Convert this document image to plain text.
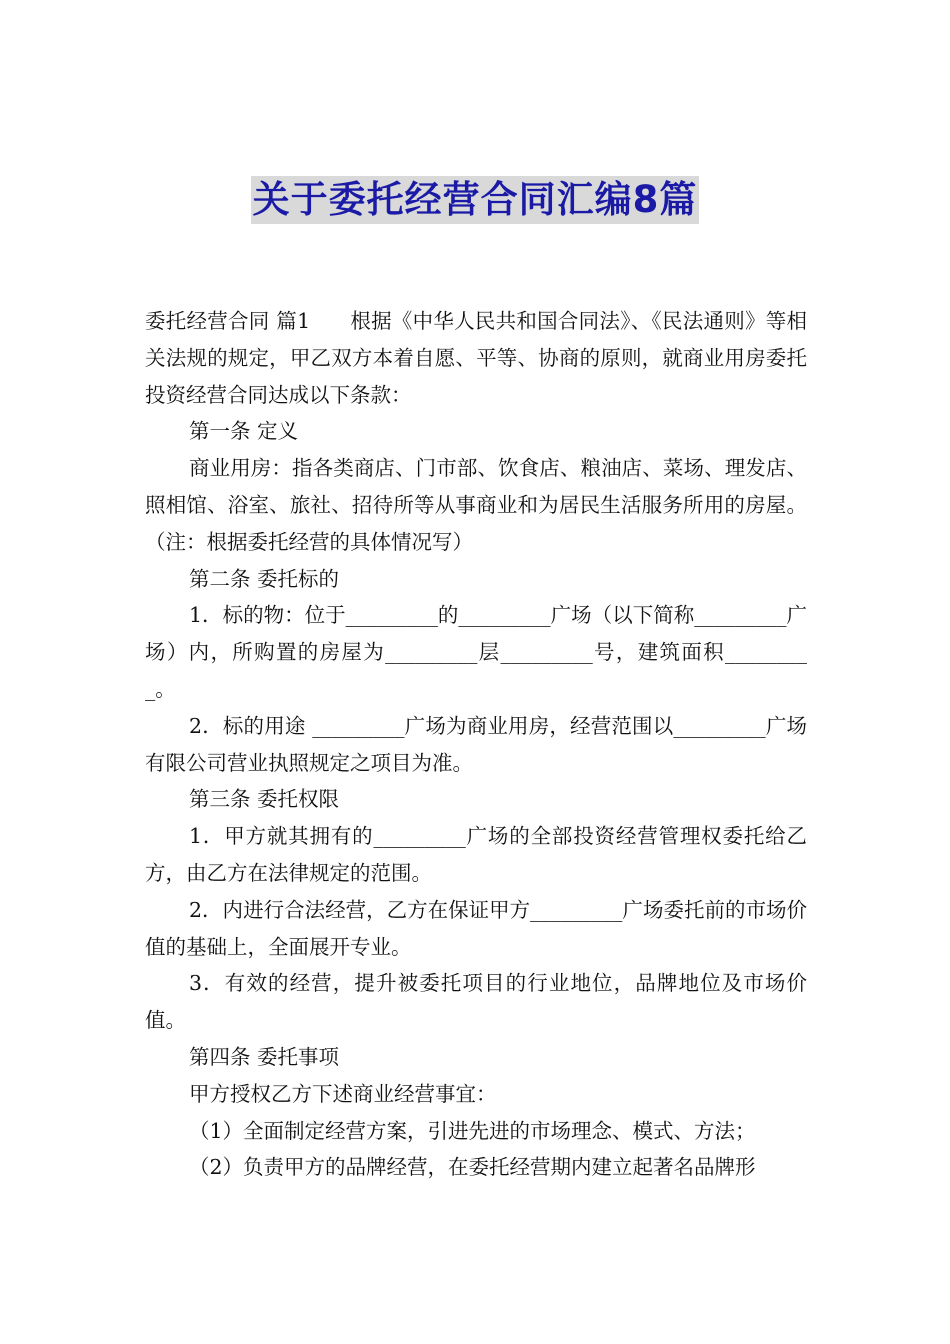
关于委托经营合同汇编8篇

委托经营合同 篇1 根据《中华人民共和国合同法》、《民法通则》等相关法规的规定，甲乙双方本着自愿、平等、协商的原则，就商业用房委托投资经营合同达成以下条款：

第一条 定义

商业用房：指各类商店、门市部、饮食店、粮油店、菜场、理发店、照相馆、浴室、旅社、招待所等从事商业和为居民生活服务所用的房屋。（注：根据委托经营的具体情况写）

第二条 委托标的

1．标的物：位于_________的_________广场（以下简称_________广场）内，所购置的房屋为_________层_________号，建筑面积_________。

2．标的用途 _________广场为商业用房，经营范围以_________广场有限公司营业执照规定之项目为准。

第三条 委托权限

1．甲方就其拥有的_________广场的全部投资经营管理权委托给乙方，由乙方在法律规定的范围。

2．内进行合法经营，乙方在保证甲方_________广场委托前的市场价值的基础上，全面展开专业。

3．有效的经营，提升被委托项目的行业地位，品牌地位及市场价值。

第四条 委托事项

甲方授权乙方下述商业经营事宜：

（1）全面制定经营方案，引进先进的市场理念、模式、方法；

（2）负责甲方的品牌经营，在委托经营期内建立起著名品牌形
